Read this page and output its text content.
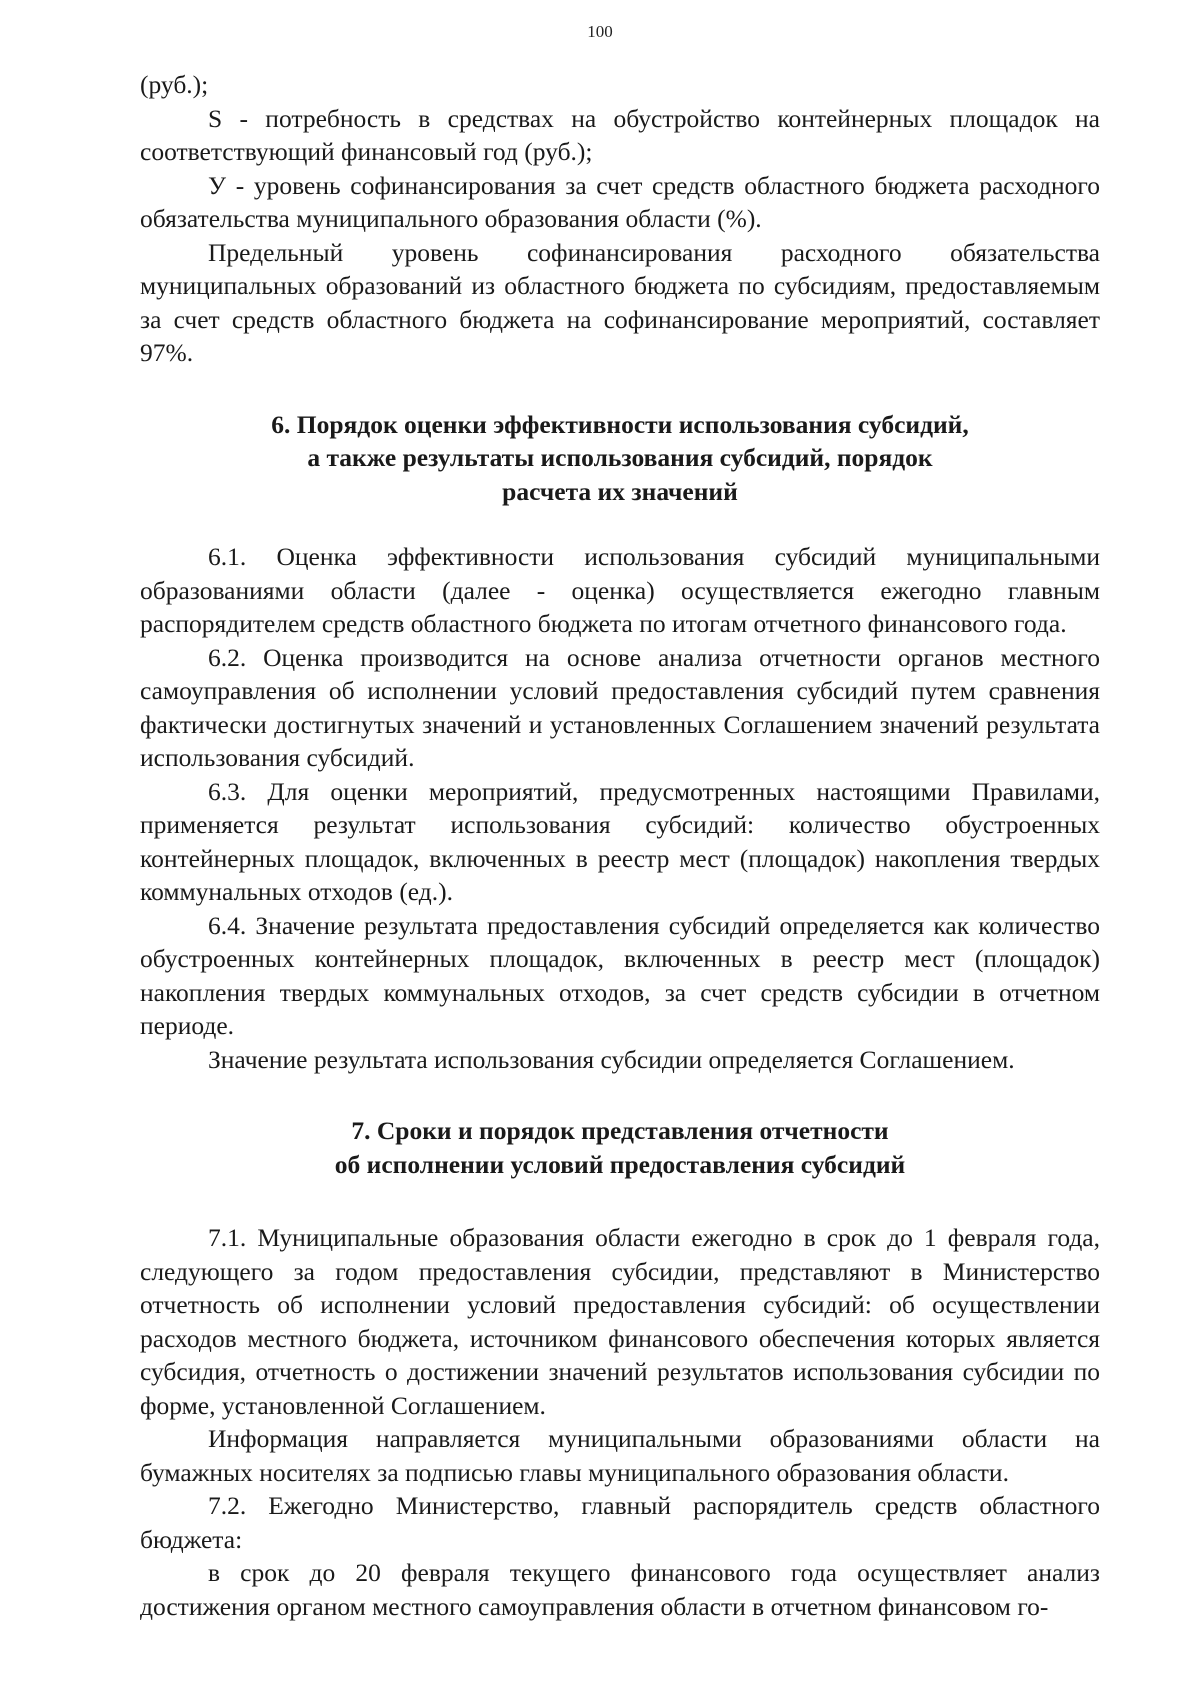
100

(руб.);

S - потребность в средствах на обустройство контейнерных площадок на соответствующий финансовый год (руб.);

У - уровень софинансирования за счет средств областного бюджета расходного обязательства муниципального образования области (%).

Предельный уровень софинансирования расходного обязательства муниципальных образований из областного бюджета по субсидиям, предоставляемым за счет средств областного бюджета на софинансирование мероприятий, составляет 97%.

6. Порядок оценки эффективности использования субсидий,
а также результаты использования субсидий, порядок
расчета их значений

6.1. Оценка эффективности использования субсидий муниципальными образованиями области (далее - оценка) осуществляется ежегодно главным распорядителем средств областного бюджета по итогам отчетного финансового года.

6.2. Оценка производится на основе анализа отчетности органов местного самоуправления об исполнении условий предоставления субсидий путем сравнения фактически достигнутых значений и установленных Соглашением значений результата использования субсидий.

6.3. Для оценки мероприятий, предусмотренных настоящими Правилами, применяется результат использования субсидий: количество обустроенных контейнерных площадок, включенных в реестр мест (площадок) накопления твердых коммунальных отходов (ед.).

6.4. Значение результата предоставления субсидий определяется как количество обустроенных контейнерных площадок, включенных в реестр мест (площадок) накопления твердых коммунальных отходов, за счет средств субсидии в отчетном периоде.

Значение результата использования субсидии определяется Соглашением.

7. Сроки и порядок представления отчетности
об исполнении условий предоставления субсидий

7.1. Муниципальные образования области ежегодно в срок до 1 февраля года, следующего за годом предоставления субсидии, представляют в Министерство отчетность об исполнении условий предоставления субсидий: об осуществлении расходов местного бюджета, источником финансового обеспечения которых является субсидия, отчетность о достижении значений результатов использования субсидии по форме, установленной Соглашением.

Информация направляется муниципальными образованиями области на бумажных носителях за подписью главы муниципального образования области.

7.2. Ежегодно Министерство, главный распорядитель средств областного бюджета:

в срок до 20 февраля текущего финансового года осуществляет анализ достижения органом местного самоуправления области в отчетном финансовом го-
